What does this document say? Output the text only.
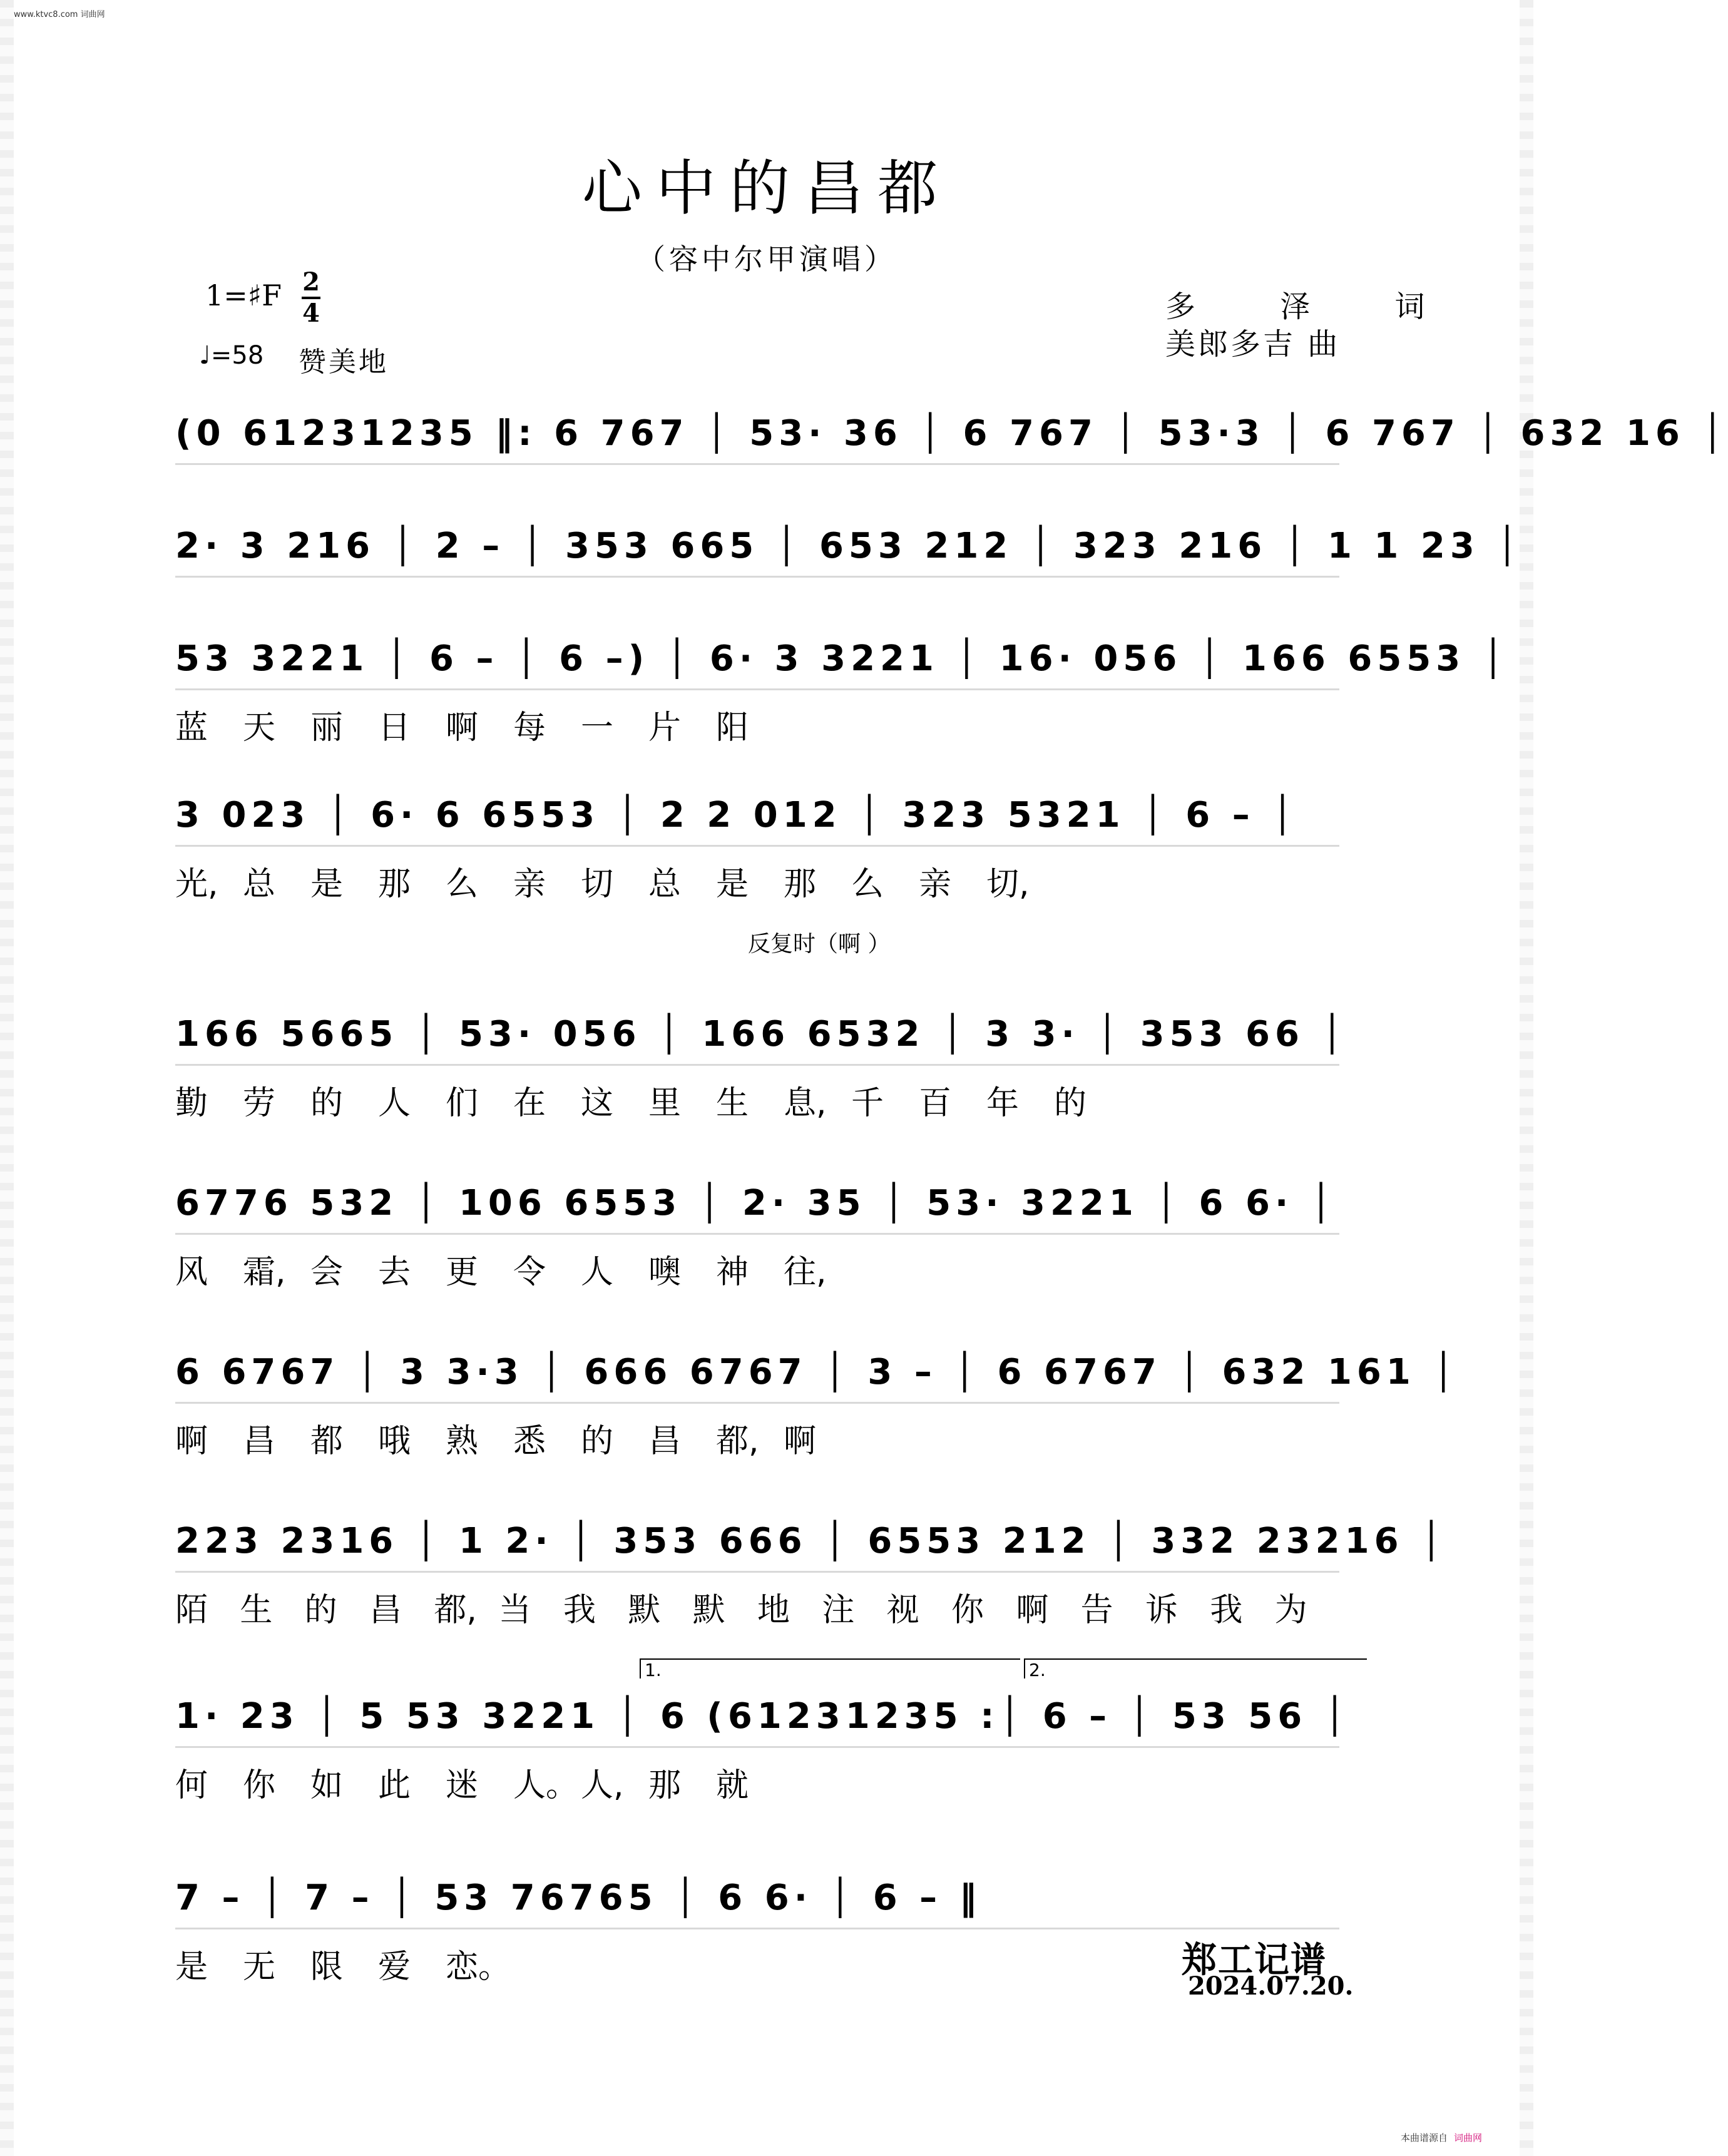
www.ktvc8.com 词曲网
心中的昌都
（容中尔甲演唱）
1=♯F 2
4
♩=58 赞美地
多 泽 词
美郎多吉 曲
(0 61231235 ‖: 6 767 │ 53· 36 │ 6 767 │ 53·3 │ 6 767 │ 632 16 │
2· 3 216 │ 2 – │ 353 665 │ 653 212 │ 323 216 │ 1 1 23 │
53 3221 │ 6 – │ 6 –) │ 6· 3 3221 │ 16· 056 │ 166 6553 │
蓝 天 丽 日 啊 每 一 片 阳
3 023 │ 6· 6 6553 │ 2 2 012 │ 323 5321 │ 6 – │
光, 总 是 那 么 亲 切 总 是 那 么 亲 切,
166 5665 │ 53· 056 │ 166 6532 │ 3 3· │ 353 66 │
勤 劳 的 人 们 在 这 里 生 息, 千 百 年 的
6776 532 │ 106 6553 │ 2· 35 │ 53· 3221 │ 6 6· │
风 霜, 会 去 更 令 人 噢 神 往,
6 6767 │ 3 3·3 │ 666 6767 │ 3 – │ 6 6767 │ 632 161 │
啊 昌 都 哦 熟 悉 的 昌 都, 啊
223 2316 │ 1 2· │ 353 666 │ 6553 212 │ 332 23216 │
陌 生 的 昌 都, 当 我 默 默 地 注 视 你 啊 告 诉 我 为
1· 23 │ 5 53 3221 │ 6 (61231235 :│ 6 – │ 53 56 │
何 你 如 此 迷 人。 人, 那 就
7 – │ 7 – │ 53 76765 │ 6 6· │ 6 – ‖
是 无 限 爱 恋。
反复时（啊 ）
郑工记谱
2024.07.20.
本曲谱源自 词曲网
1.	2.
